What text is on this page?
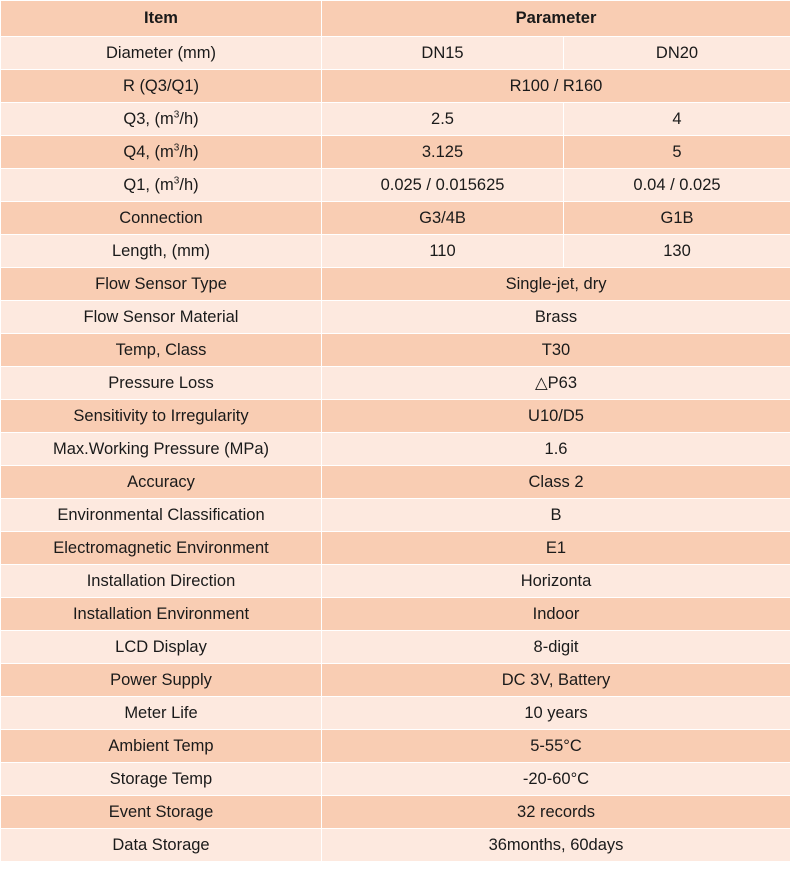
Item	Parameter	
Diameter (mm)	DN15	DN20
R (Q3/Q1)	R100 / R160	
Q3, $(m^3/h)$	2.5	4
Q4, $(m^3/h)$	3.125	5
Q1, $(m^3/h)$	0.025 / 0.015625	0.04 / 0.025
Connection	G3/4B	G1B
Length, (mm)	110	130
Flow Sensor Type	Single-jet, dry	
Flow Sensor Material	Brass	
Temp, Class	T30	
Pressure Loss	△P63	
Sensitivity to Irregularity	U10/D5	
Max.Working Pressure (MPa)	1.6	
Accuracy	Class 2	
Environmental Classification	B	
Electromagnetic Environment	E1	
Installation Direction	Horizonta	
Installation Environment	Indoor	
LCD Display	8-digit	
Power Supply	DC 3V, Battery	
Meter Life	10 years	
Ambient Temp	5-55°C	
Storage Temp	-20-60°C	
Event Storage	32 records	
Data Storage	36months, 60days	
